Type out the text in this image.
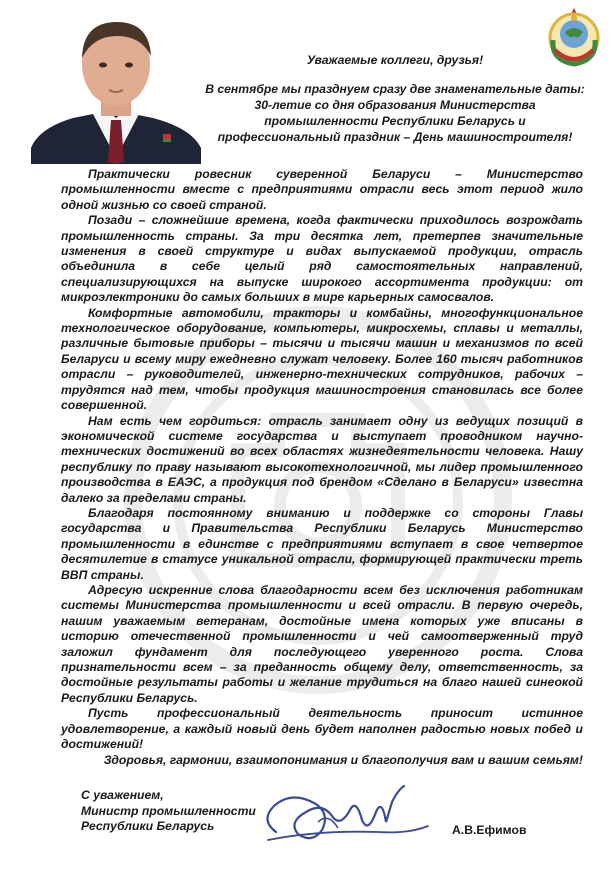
Уважаемые коллеги, друзья!

В сентябре мы празднуем сразу две знаменательные даты: 30-летие со дня образования Министерства промышленности Республики Беларусь и профессиональный праздник – День машиностроителя!

Практически ровесник суверенной Беларуси – Министерство промышленности вместе с предприятиями отрасли весь этот период жило одной жизнью со своей страной.

Позади – сложнейшие времена, когда фактически приходилось возрождать промышленность страны. За три десятка лет, претерпев значительные изменения в своей структуре и видах выпускаемой продукции, отрасль объединила в себе целый ряд самостоятельных направлений, специализирующихся на выпуске широкого ассортимента продукции: от микроэлектроники до самых больших в мире карьерных самосвалов.

Комфортные автомобили, тракторы и комбайны, многофункциональное технологическое оборудование, компьютеры, микросхемы, сплавы и металлы, различные бытовые приборы – тысячи и тысячи машин и механизмов по всей Беларуси и всему миру ежедневно служат человеку. Более 160 тысяч работников отрасли – руководителей, инженерно-технических сотрудников, рабочих – трудятся над тем, чтобы продукция машиностроения становилась все более совершенной.

Нам есть чем гордиться: отрасль занимает одну из ведущих позиций в экономической системе государства и выступает проводником научно-технических достижений во всех областях жизнедеятельности человека. Нашу республику по праву называют высокотехнологичной, мы лидер промышленного производства в ЕАЭС, а продукция под брендом «Сделано в Беларуси» известна далеко за пределами страны.

Благодаря постоянному вниманию и поддержке со стороны Главы государства и Правительства Республики Беларусь Министерство промышленности в единстве с предприятиями вступает в свое четвертое десятилетие в статусе уникальной отрасли, формирующей практически треть ВВП страны.

Адресую искренние слова благодарности всем без исключения работникам системы Министерства промышленности и всей отрасли. В первую очередь, нашим уважаемым ветеранам, достойные имена которых уже вписаны в историю отечественной промышленности и чей самоотверженный труд заложил фундамент для последующего уверенного роста. Слова признательности всем – за преданность общему делу, ответственность, за достойные результаты работы и желание трудиться на благо нашей синеокой Республики Беларусь.

Пусть профессиональный деятельность приносит истинное удовлетворение, а каждый новый день будет наполнен радостью новых побед и достижений!

Здоровья, гармонии, взаимопонимания и благополучия вам и вашим семьям!

С уважением,
Министр промышленности
Республики Беларусь	А.В.Ефимов
